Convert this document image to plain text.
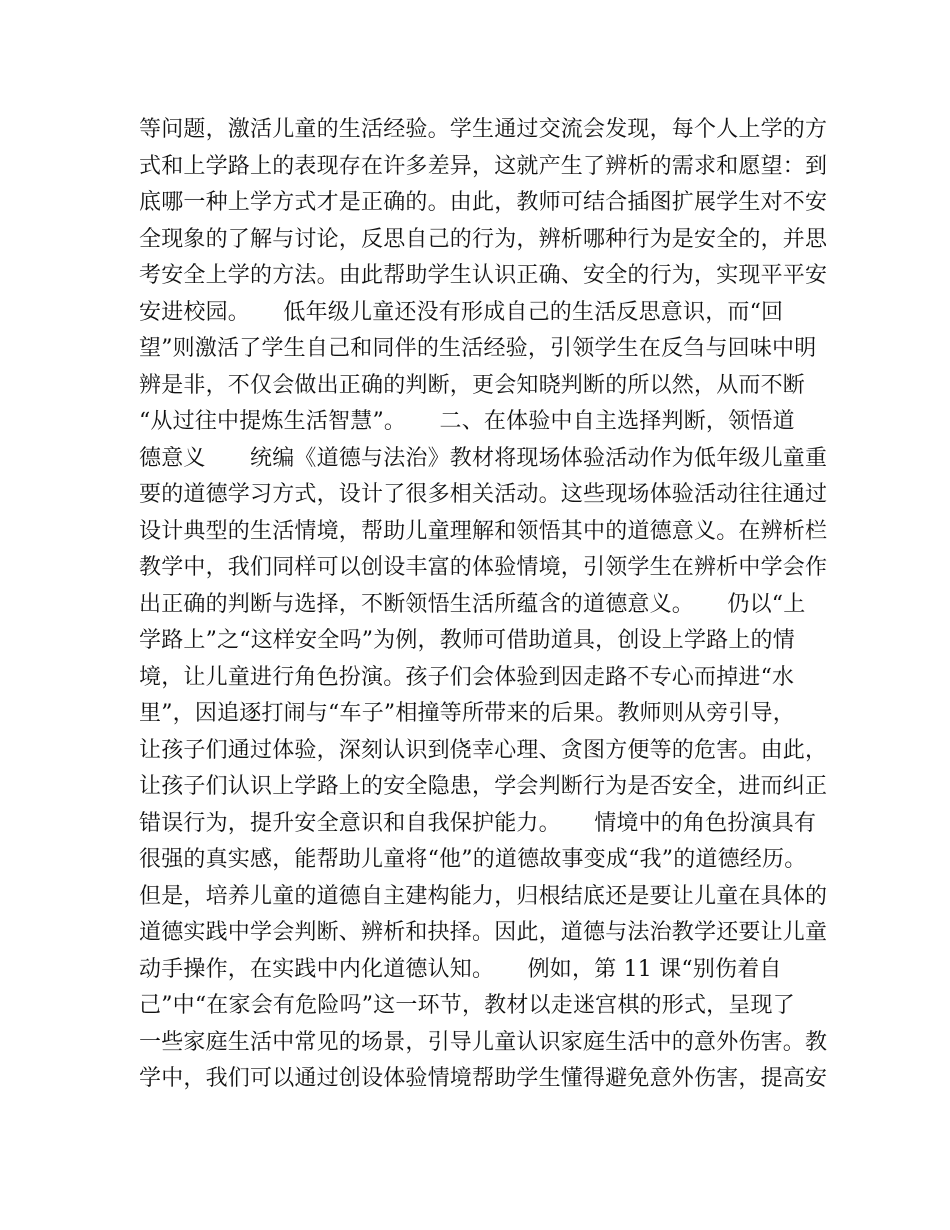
等问题，激活儿童的生活经验。学生通过交流会发现，每个人上学的方
式和上学路上的表现存在许多差异，这就产生了辨析的需求和愿望：到
底哪一种上学方式才是正确的。由此，教师可结合插图扩展学生对不安
全现象的了解与讨论，反思自己的行为，辨析哪种行为是安全的，并思
考安全上学的方法。由此帮助学生认识正确、安全的行为，实现平平安
安进校园。　　低年级儿童还没有形成自己的生活反思意识，而“回
望”则激活了学生自己和同伴的生活经验，引领学生在反刍与回味中明
辨是非，不仅会做出正确的判断，更会知晓判断的所以然，从而不断
“从过往中提炼生活智慧”。　　二、在体验中自主选择判断，领悟道
德意义　　统编《道德与法治》教材将现场体验活动作为低年级儿童重
要的道德学习方式，设计了很多相关活动。这些现场体验活动往往通过
设计典型的生活情境，帮助儿童理解和领悟其中的道德意义。在辨析栏
教学中，我们同样可以创设丰富的体验情境，引领学生在辨析中学会作
出正确的判断与选择，不断领悟生活所蕴含的道德意义。　　仍以“上
学路上”之“这样安全吗”为例，教师可借助道具，创设上学路上的情
境，让儿童进行角色扮演。孩子们会体验到因走路不专心而掉进“水
里”，因追逐打闹与“车子”相撞等所带来的后果。教师则从旁引导，
让孩子们通过体验，深刻认识到侥幸心理、贪图方便等的危害。由此，
让孩子们认识上学路上的安全隐患，学会判断行为是否安全，进而纠正
错误行为，提升安全意识和自我保护能力。　　情境中的角色扮演具有
很强的真实感，能帮助儿童将“他”的道德故事变成“我”的道德经历。
但是，培养儿童的道德自主建构能力，归根结底还是要让儿童在具体的
道德实践中学会判断、辨析和抉择。因此，道德与法治教学还要让儿童
动手操作，在实践中内化道德认知。　　例如，第 11 课“别伤着自
己”中“在家会有危险吗”这一环节，教材以走迷宫棋的形式，呈现了
一些家庭生活中常见的场景，引导儿童认识家庭生活中的意外伤害。教
学中，我们可以通过创设体验情境帮助学生懂得避免意外伤害，提高安
